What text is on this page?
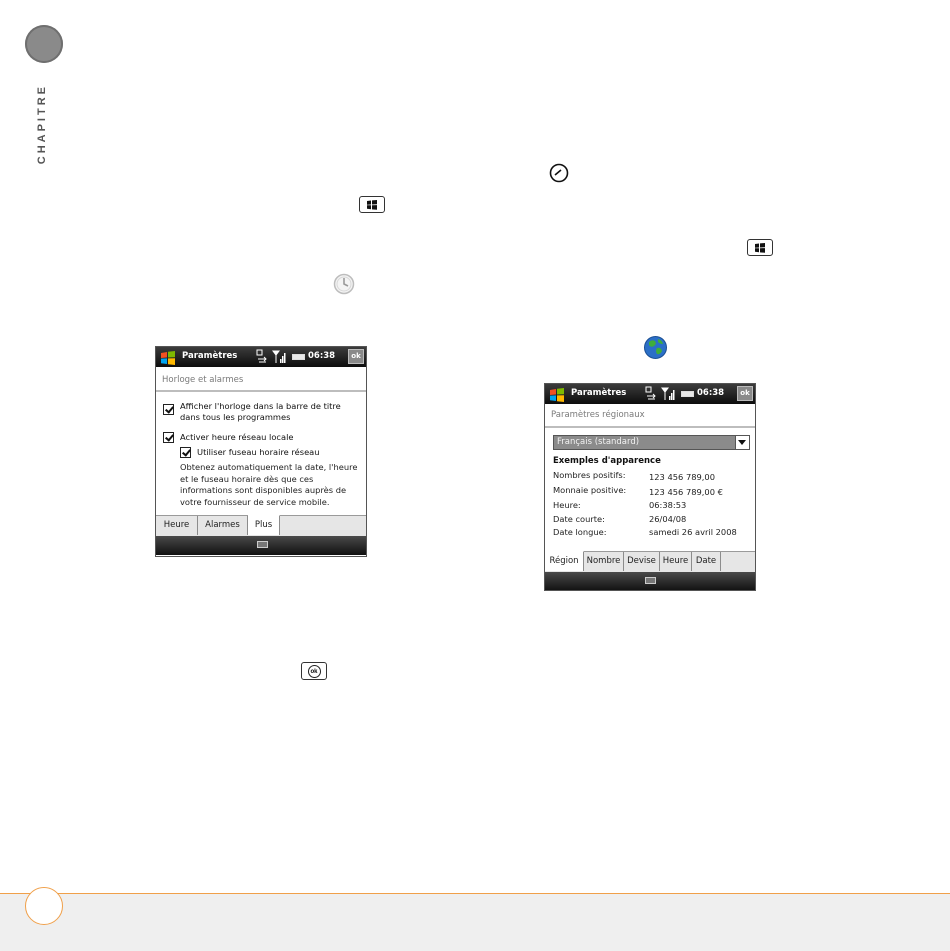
CHAPITRE
ok
Paramètres	06:38	ok
Horloge et alarmes
Afficher l'horloge dans la barre de titre dans tous les programmes
Activer heure réseau locale
Utiliser fuseau horaire réseau
Obtenez automatiquement la date, l'heure et le fuseau horaire dès que ces informations sont disponibles auprès de votre fournisseur de service mobile.
Heure	Alarmes	Plus
Paramètres	06:38	ok
Paramètres régionaux
Français (standard)
Exemples d'apparence
Nombres positifs:	123 456 789,00
Monnaie positive:	123 456 789,00 €
Heure:	06:38:53
Date courte:	26/04/08
Date longue:	samedi 26 avril 2008
Région Nombre Devise Heure Date
